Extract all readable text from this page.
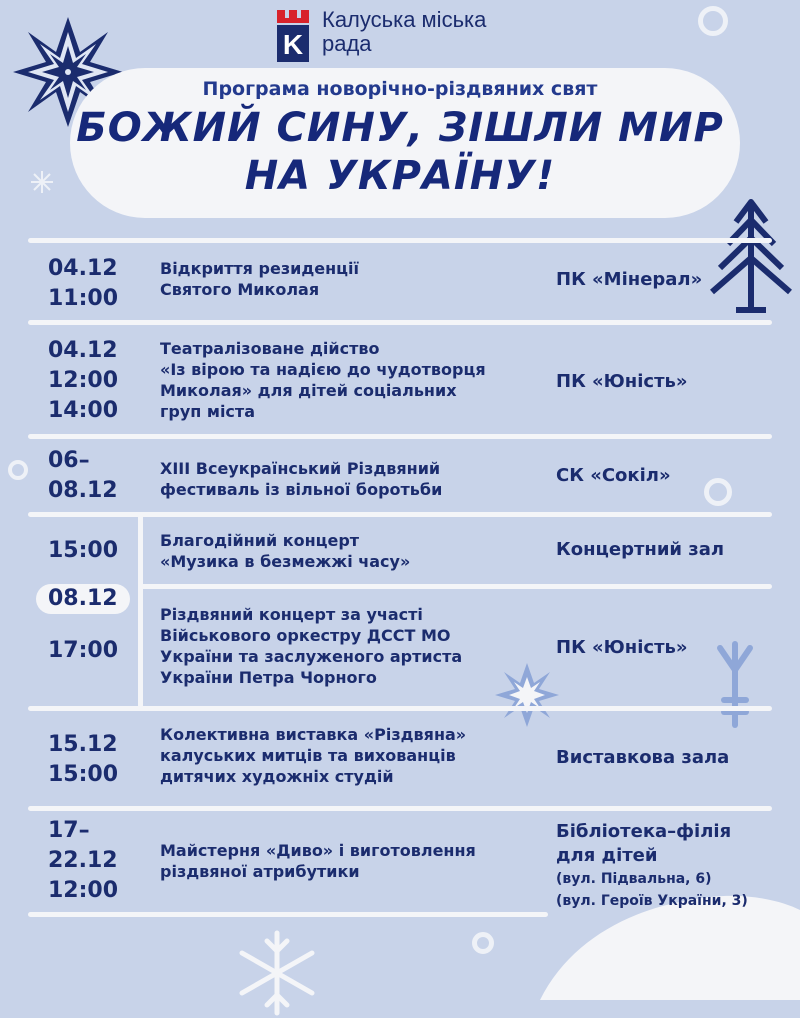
K
Калуська міська
рада
Програма новорічно-різдвяних свят
БОЖИЙ СИНУ, ЗІШЛИ МИР
НА УКРАЇНУ!
04.12
11:00
Відкриття резиденції
Святого Миколая	ПК «Мінерал»
04.12
12:00
14:00
Театралізоване дійство
«Із вірою та надією до чудотворця
Миколая» для дітей соціальних
груп міста
ПК «Юність»
06–
08.12
XIII Всеукраїнський Різдвяний
фестиваль із вільної боротьби
СК «Сокіл»
15:00	Благодійний концерт
«Музика в безмежжі часу»
Концертний зал
08.12
17:00
Різдвяний концерт за участі
Військового оркестру ДССТ МО
України та заслуженого артиста
України Петра Чорного
ПК «Юність»
15.12
15:00
Колективна виставка «Різдвяна»
калуських митців та вихованців
дитячих художніх студій
Виставкова зала
17–
22.12
12:00
Майстерня «Диво» і виготовлення
різдвяної атрибутики
Бібліотека–філія
для дітей
(вул. Підвальна, 6)
(вул. Героїв України, 3)
